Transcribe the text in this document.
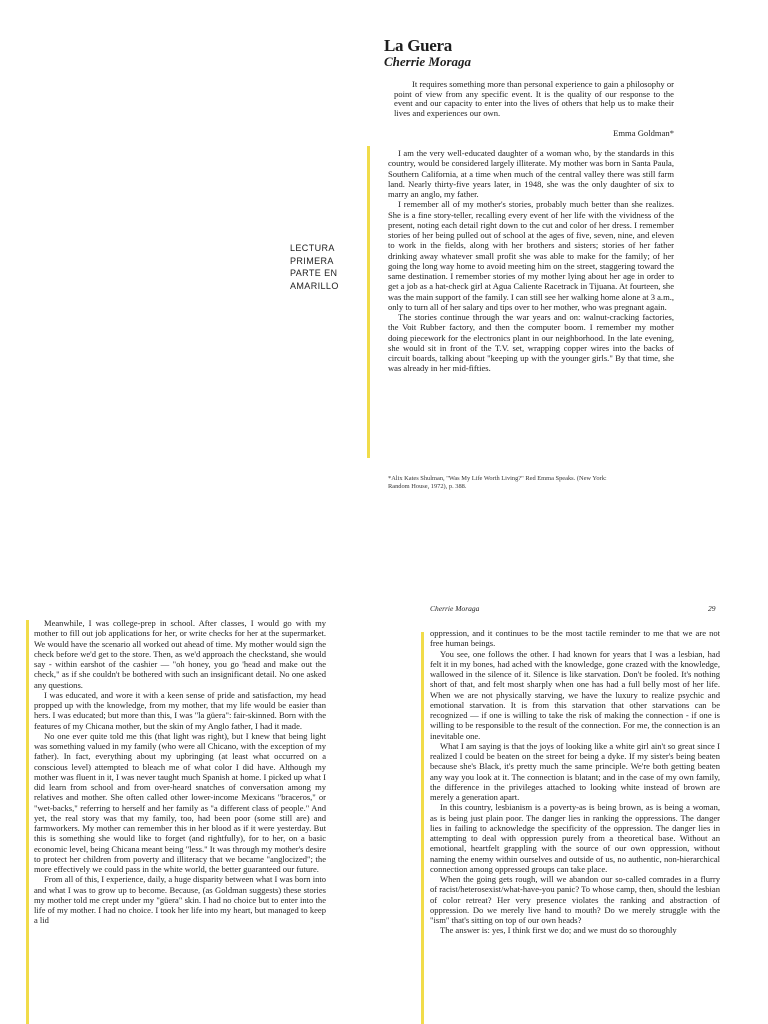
La Guera
Cherrie Moraga
It requires something more than personal experience to gain a philosophy or point of view from any specific event. It is the quality of our response to the event and our capacity to enter into the lives of others that help us to make their lives and experiences our own.
Emma Goldman*
LECTURA PRIMERA PARTE EN AMARILLO

I am the very well-educated daughter of a woman who, by the standards in this country, would be considered largely illiterate. My mother was born in Santa Paula, Southern California, at a time when much of the central valley there was still farm land. Nearly thirty-five years later, in 1948, she was the only daughter of six to marry an anglo, my father.

I remember all of my mother's stories, probably much better than she realizes. She is a fine story-teller, recalling every event of her life with the vividness of the present, noting each detail right down to the cut and color of her dress. I remember stories of her being pulled out of school at the ages of five, seven, nine, and eleven to work in the fields, along with her brothers and sisters; stories of her father drinking away whatever small profit she was able to make for the family; of her going the long way home to avoid meeting him on the street, staggering toward the same destination. I remember stories of my mother lying about her age in order to get a job as a hat-check girl at Agua Caliente Racetrack in Tijuana. At fourteen, she was the main support of the family. I can still see her walking home alone at 3 a.m., only to turn all of her salary and tips over to her mother, who was pregnant again.

The stories continue through the war years and on: walnut-cracking factories, the Voit Rubber factory, and then the computer boom. I remember my mother doing piecework for the electronics plant in our neighborhood. In the late evening, she would sit in front of the T.V. set, wrapping copper wires into the backs of circuit boards, talking about "keeping up with the younger girls." By that time, she was already in her mid-fifties.

*Alix Kates Shulman, "Was My Life Worth Living?" Red Emma Speaks. (New York:
Random House, 1972), p. 388.

Meanwhile, I was college-prep in school. After classes, I would go with my mother to fill out job applications for her, or write checks for her at the supermarket. We would have the scenario all worked out ahead of time. My mother would sign the check before we'd get to the store. Then, as we'd approach the checkstand, she would say - within earshot of the cashier — "oh honey, you go 'head and make out the check," as if she couldn't be bothered with such an insignificant detail. No one asked any questions.

I was educated, and wore it with a keen sense of pride and satisfaction, my head propped up with the knowledge, from my mother, that my life would be easier than hers. I was educated; but more than this, I was "la güera": fair-skinned. Born with the features of my Chicana mother, but the skin of my Anglo father, I had it made.

No one ever quite told me this (that light was right), but I knew that being light was something valued in my family (who were all Chicano, with the exception of my father). In fact, everything about my upbringing (at least what occurred on a conscious level) attempted to bleach me of what color I did have. Although my mother was fluent in it, I was never taught much Spanish at home. I picked up what I did learn from school and from over-heard snatches of conversation among my relatives and mother. She often called other lower-income Mexicans "braceros," or "wet-backs," referring to herself and her family as "a different class of people." And yet, the real story was that my family, too, had been poor (some still are) and farmworkers. My mother can remember this in her blood as if it were yesterday. But this is something she would like to forget (and rightfully), for to her, on a basic economic level, being Chicana meant being "less." It was through my mother's desire to protect her children from poverty and illiteracy that we became "anglocized"; the more effectively we could pass in the white world, the better guaranteed our future.

From all of this, I experience, daily, a huge disparity between what I was born into and what I was to grow up to become. Because, (as Goldman suggests) these stories my mother told me crept under my "güera" skin. I had no choice but to enter into the life of my mother. I had no choice. I took her life into my heart, but managed to keep a lid

Cherrie Moraga	29

oppression, and it continues to be the most tactile reminder to me that we are not free human beings.

You see, one follows the other. I had known for years that I was a lesbian, had felt it in my bones, had ached with the knowledge, gone crazed with the knowledge, wallowed in the silence of it. Silence is like starvation. Don't be fooled. It's nothing short of that, and felt most sharply when one has had a full belly most of her life. When we are not physically starving, we have the luxury to realize psychic and emotional starvation. It is from this starvation that other starvations can be recognized — if one is willing to take the risk of making the connection - if one is willing to be responsible to the result of the connection. For me, the connection is an inevitable one.

What I am saying is that the joys of looking like a white girl ain't so great since I realized I could be beaten on the street for being a dyke. If my sister's being beaten because she's Black, it's pretty much the same principle. We're both getting beaten any way you look at it. The connection is blatant; and in the case of my own family, the difference in the privileges attached to looking white instead of brown are merely a generation apart.

In this country, lesbianism is a poverty-as is being brown, as is being a woman, as is being just plain poor. The danger lies in ranking the oppressions. The danger lies in failing to acknowledge the specificity of the oppression. The danger lies in attempting to deal with oppression purely from a theoretical base. Without an emotional, heartfelt grappling with the source of our own oppression, without naming the enemy within ourselves and outside of us, no authentic, non-hierarchical connection among oppressed groups can take place.

When the going gets rough, will we abandon our so-called comrades in a flurry of racist/heterosexist/what-have-you panic? To whose camp, then, should the lesbian of color retreat? Her very presence violates the ranking and abstraction of oppression. Do we merely live hand to mouth? Do we merely struggle with the "ism" that's sitting on top of our own heads?

The answer is: yes, I think first we do; and we must do so thoroughly
